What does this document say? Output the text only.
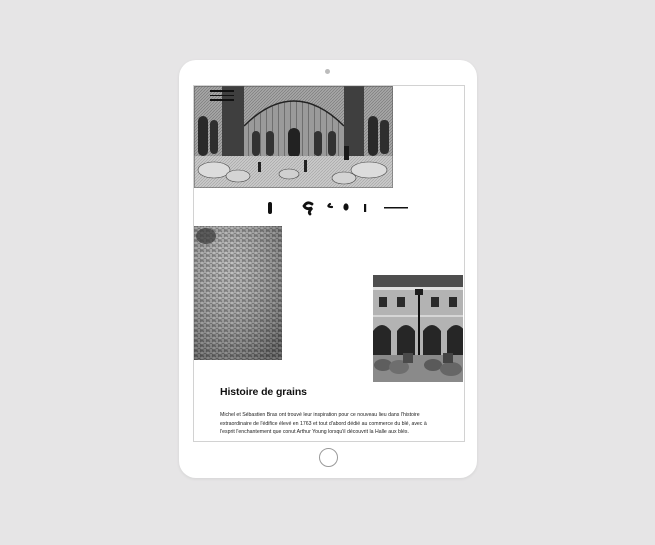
Histoire de grains

Michel et Sébastien Bras ont trouvé leur inspiration pour ce nouveau lieu dans l'histoire extraordinaire de l'édifice élevé en 1763 et tout d'abord dédié au commerce du blé, avec à l'esprit l'enchantement que conut Arthur Young lorsqu'il découvrit la Halle aux blés.
